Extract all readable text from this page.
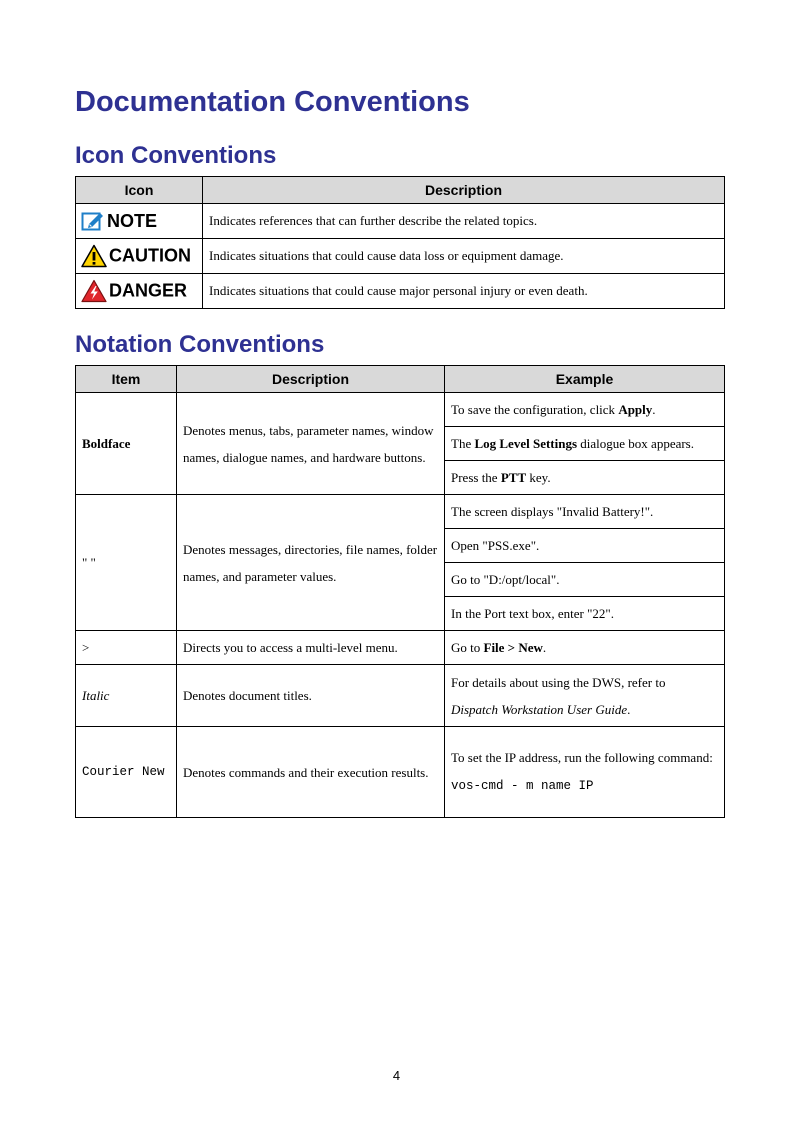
Documentation Conventions
Icon Conventions
Icon	Description
NOTE	Indicates references that can further describe the related topics.
CAUTION	Indicates situations that could cause data loss or equipment damage.
DANGER	Indicates situations that could cause major personal injury or even death.
Notation Conventions
Item	Description	Example
Boldface	Denotes menus, tabs, parameter names, window names, dialogue names, and hardware buttons.	To save the configuration, click Apply.
		The Log Level Settings dialogue box appears.
		Press the PTT key.
" "	Denotes messages, directories, file names, folder names, and parameter values.	The screen displays "Invalid Battery!".
		Open "PSS.exe".
		Go to "D:/opt/local".
		In the Port text box, enter "22".
>	Directs you to access a multi-level menu.	Go to File > New.
Italic	Denotes document titles.	For details about using the DWS, refer to
Dispatch Workstation User Guide.
Courier New	Denotes commands and their execution results.	To set the IP address, run the following command:
vos-cmd - m name IP
4
